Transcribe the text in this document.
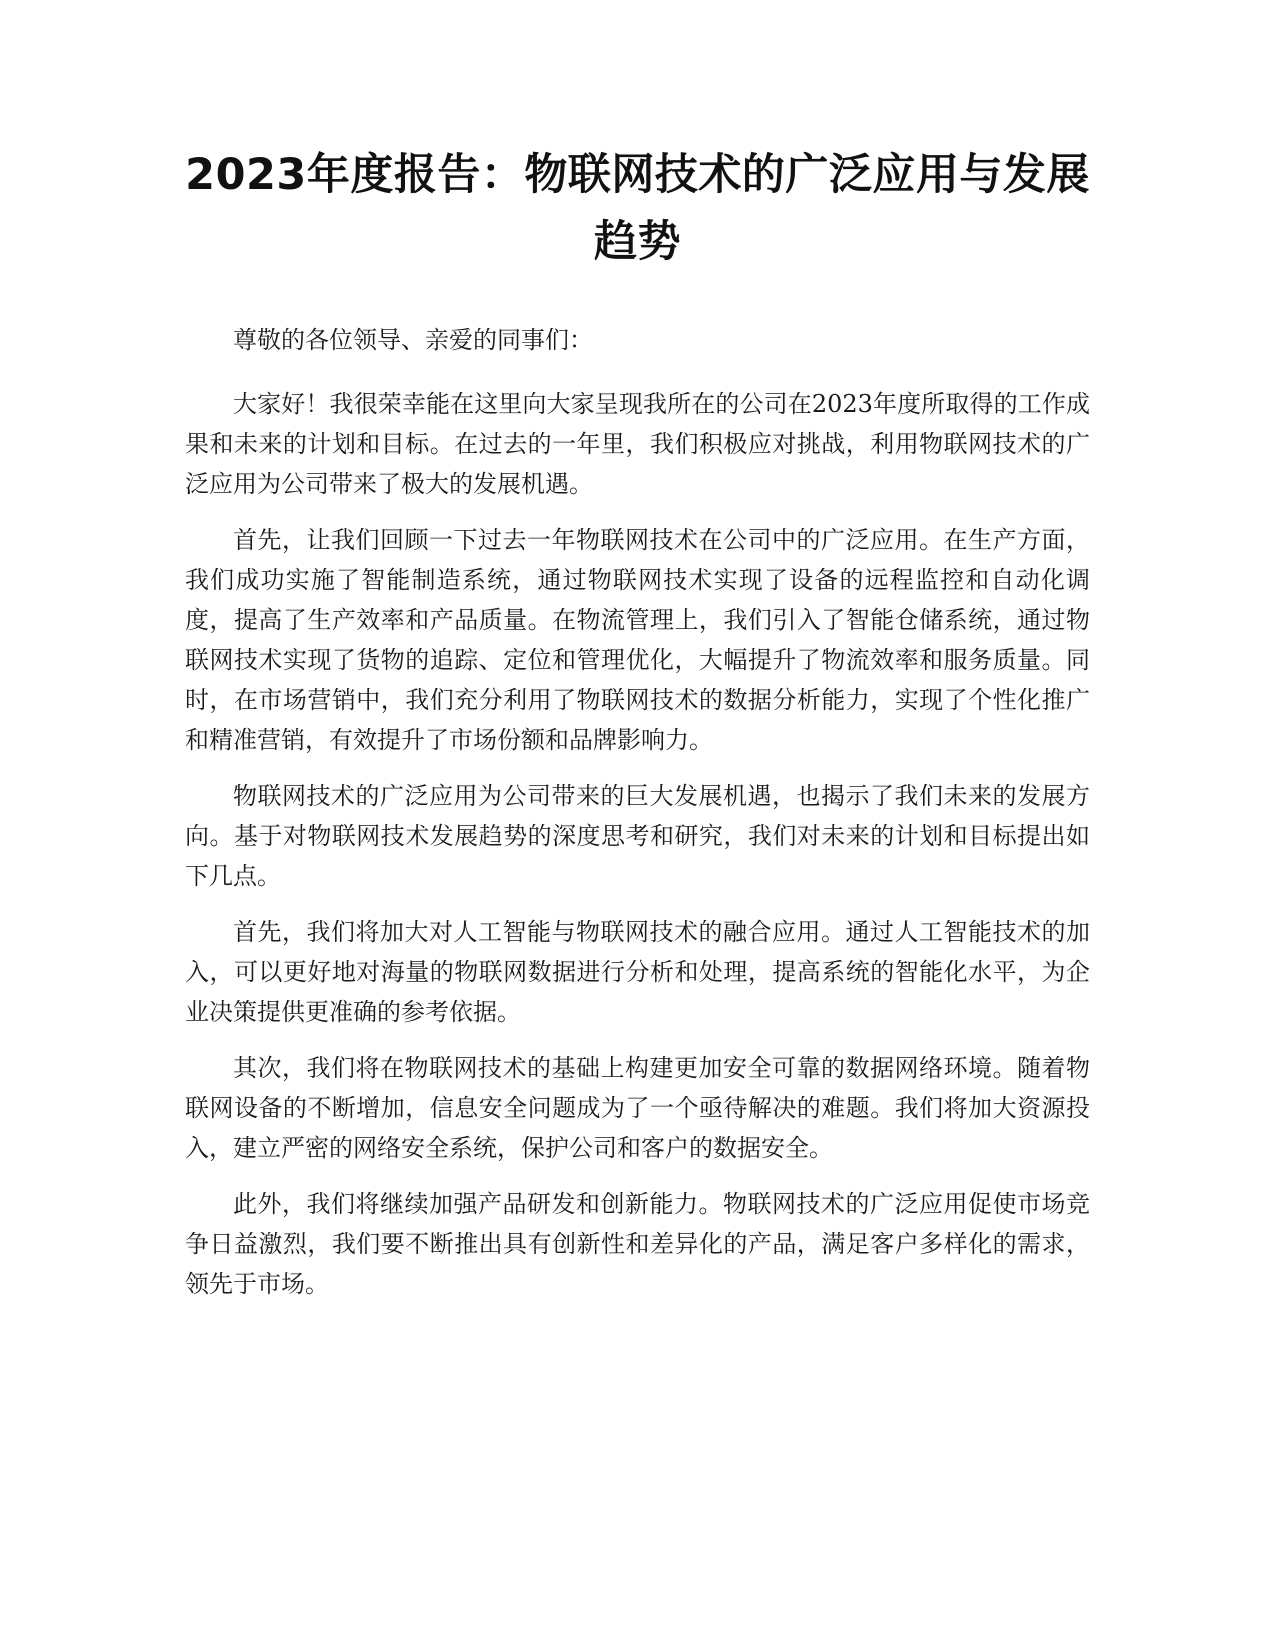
2023年度报告：物联网技术的广泛应用与发展趋势

尊敬的各位领导、亲爱的同事们：

大家好！我很荣幸能在这里向大家呈现我所在的公司在2023年度所取得的工作成果和未来的计划和目标。在过去的一年里，我们积极应对挑战，利用物联网技术的广泛应用为公司带来了极大的发展机遇。

首先，让我们回顾一下过去一年物联网技术在公司中的广泛应用。在生产方面，我们成功实施了智能制造系统，通过物联网技术实现了设备的远程监控和自动化调度，提高了生产效率和产品质量。在物流管理上，我们引入了智能仓储系统，通过物联网技术实现了货物的追踪、定位和管理优化，大幅提升了物流效率和服务质量。同时，在市场营销中，我们充分利用了物联网技术的数据分析能力，实现了个性化推广和精准营销，有效提升了市场份额和品牌影响力。

物联网技术的广泛应用为公司带来的巨大发展机遇，也揭示了我们未来的发展方向。基于对物联网技术发展趋势的深度思考和研究，我们对未来的计划和目标提出如下几点。

首先，我们将加大对人工智能与物联网技术的融合应用。通过人工智能技术的加入，可以更好地对海量的物联网数据进行分析和处理，提高系统的智能化水平，为企业决策提供更准确的参考依据。

其次，我们将在物联网技术的基础上构建更加安全可靠的数据网络环境。随着物联网设备的不断增加，信息安全问题成为了一个亟待解决的难题。我们将加大资源投入，建立严密的网络安全系统，保护公司和客户的数据安全。

此外，我们将继续加强产品研发和创新能力。物联网技术的广泛应用促使市场竞争日益激烈，我们要不断推出具有创新性和差异化的产品，满足客户多样化的需求，领先于市场。
